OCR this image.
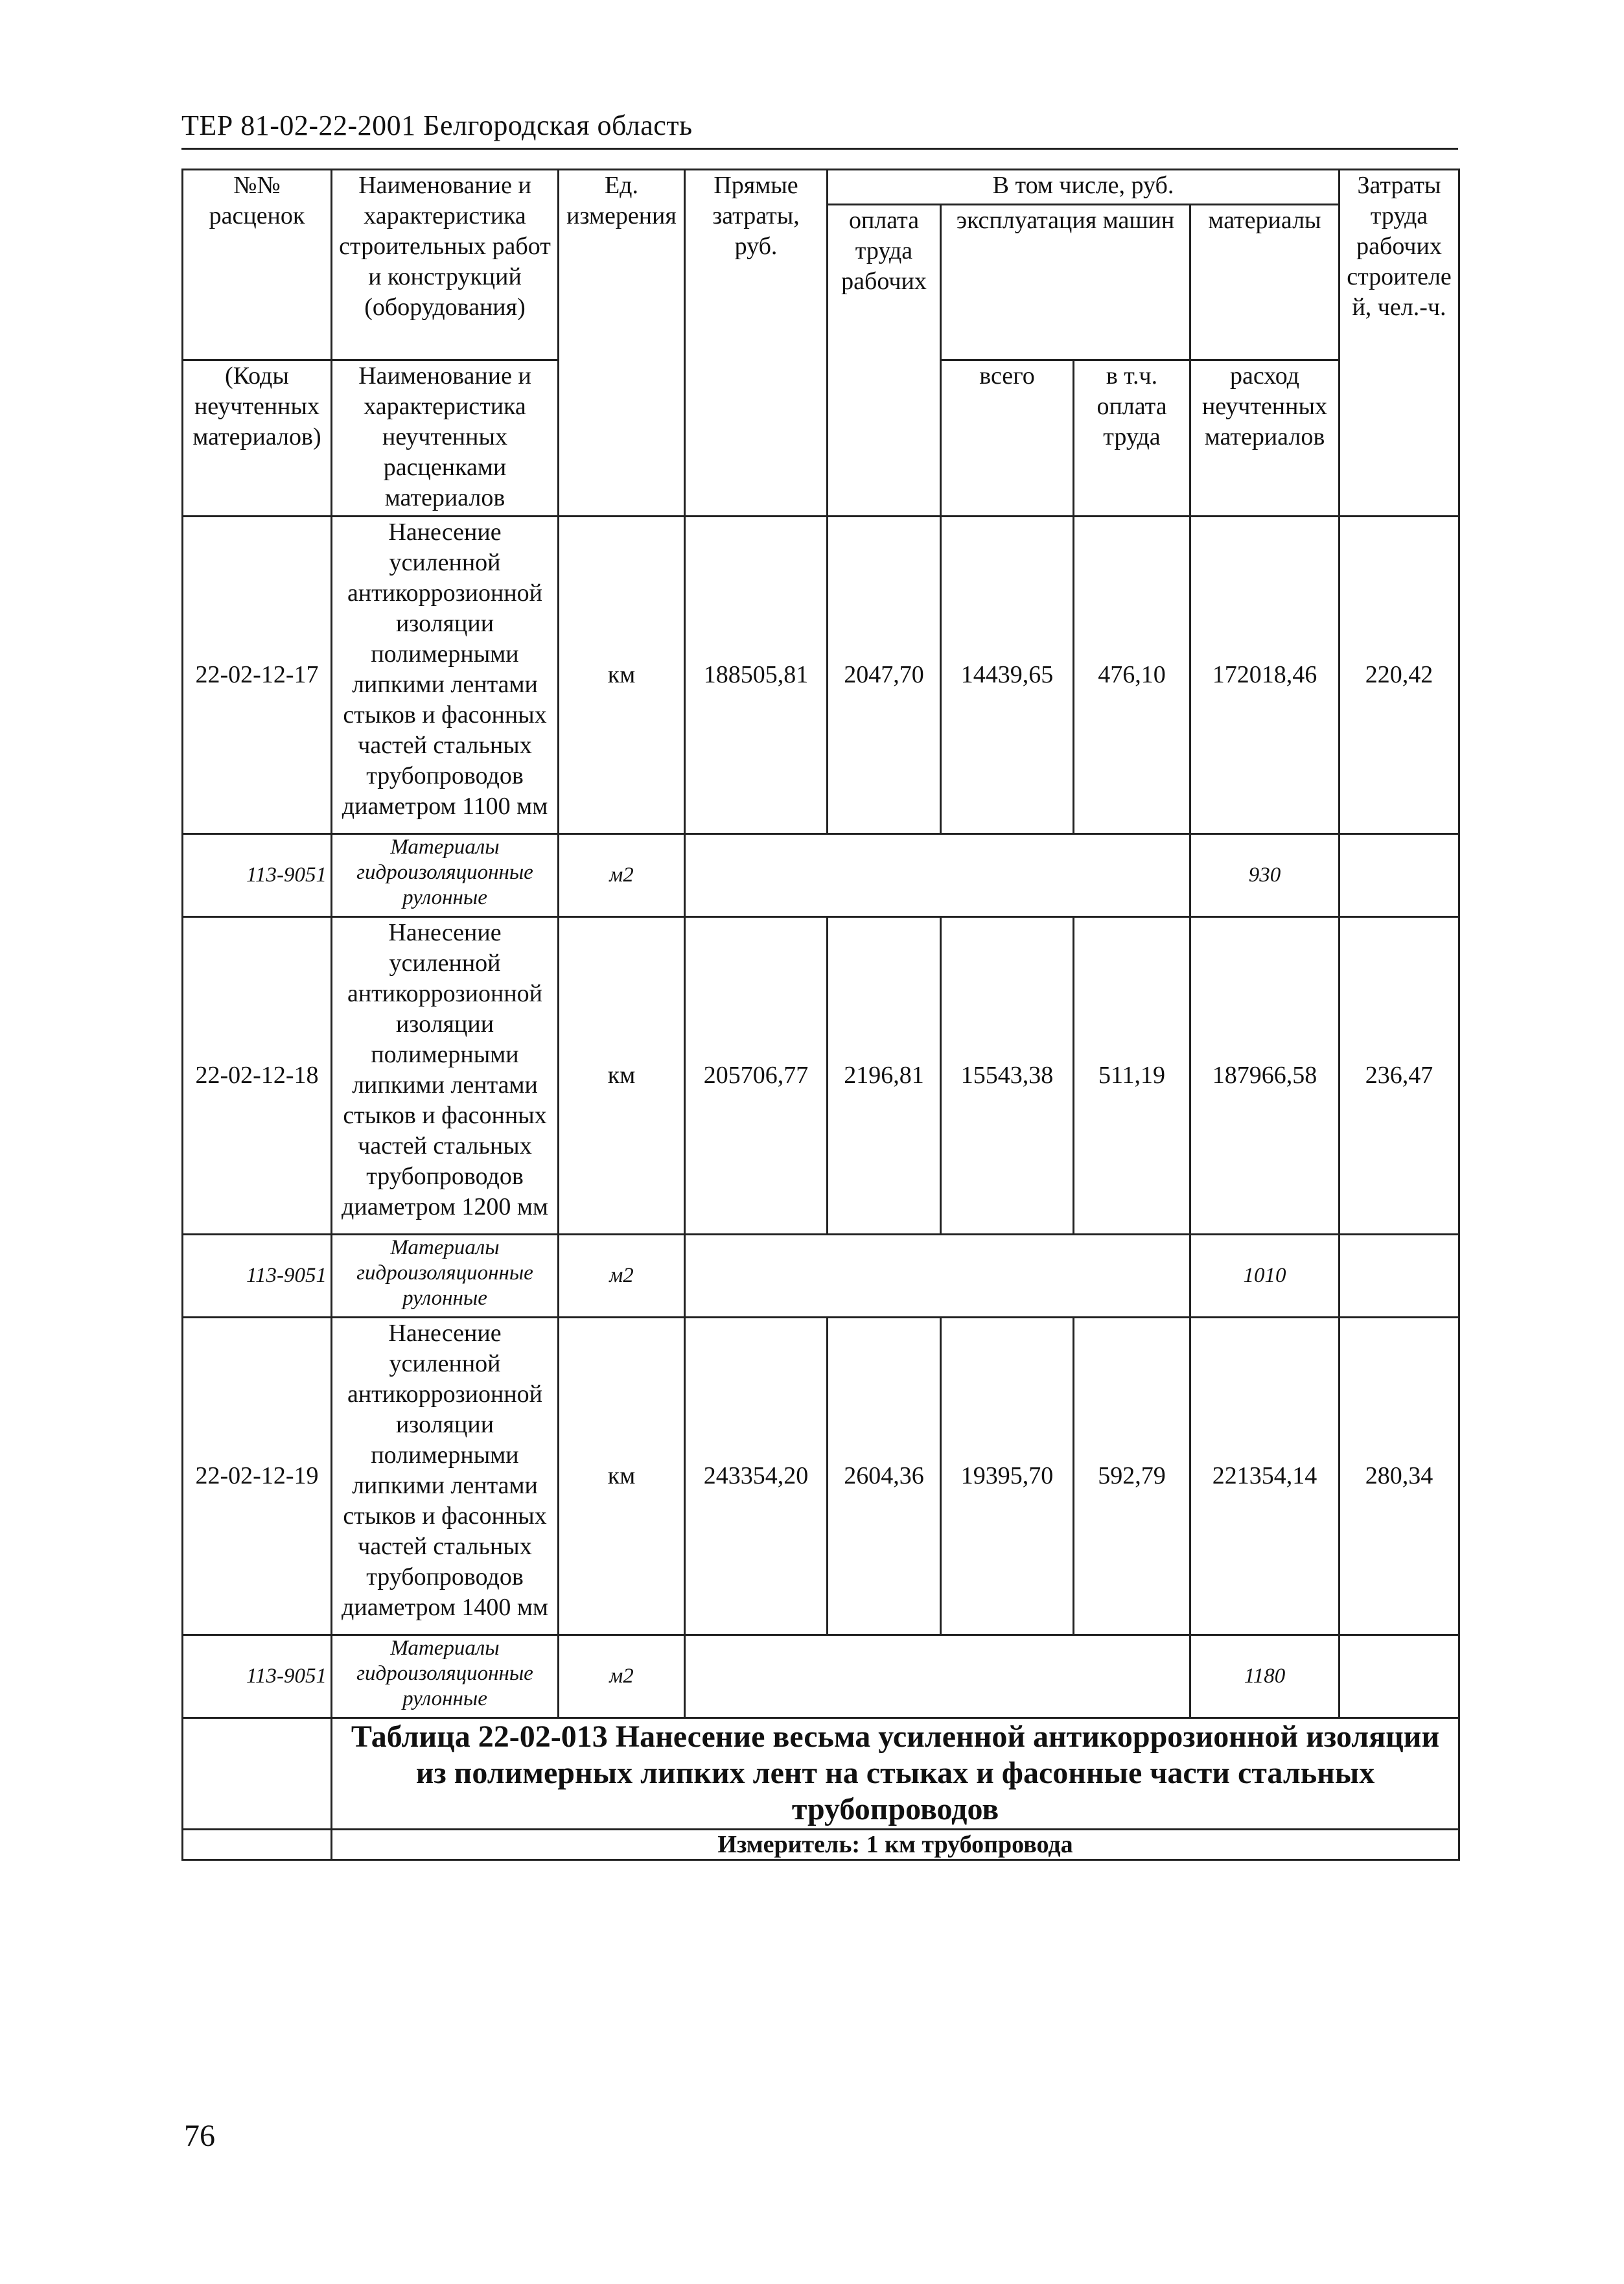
ТЕР 81-02-22-2001 Белгородская область
№№ расценок	Наименование и характеристика строительных работ и конструкций (оборудования)	Ед. измерения	Прямые затраты, руб.	В том числе, руб.				Затраты труда рабочих строителей, чел.-ч.
				оплата труда рабочих	эксплуатация машин		материалы	
(Коды неучтенных материалов)	Наименование и характеристика неучтенных расценками материалов				всего	в т.ч. оплата труда	расход неучтенных материалов	

22-02-12-17	Нанесение усиленной антикоррозионной изоляции полимерными липкими лентами стыков и фасонных частей стальных трубопроводов диаметром 1100 мм	км	188505,81	2047,70	14439,65	476,10	172018,46	220,42
113-9051	Материалы гидроизоляционные рулонные	м2					930	
22-02-12-18	Нанесение усиленной антикоррозионной изоляции полимерными липкими лентами стыков и фасонных частей стальных трубопроводов диаметром 1200 мм	км	205706,77	2196,81	15543,38	511,19	187966,58	236,47
113-9051	Материалы гидроизоляционные рулонные	м2					1010	
22-02-12-19	Нанесение усиленной антикоррозионной изоляции полимерными липкими лентами стыков и фасонных частей стальных трубопроводов диаметром 1400 мм	км	243354,20	2604,36	19395,70	592,79	221354,14	280,34
113-9051	Материалы гидроизоляционные рулонные	м2					1180	
	Таблица 22-02-013 Нанесение весьма усиленной антикоррозионной изоляции из полимерных липких лент на стыках и фасонные части стальных трубопроводов							
	Измеритель: 1 км трубопровода							
76
